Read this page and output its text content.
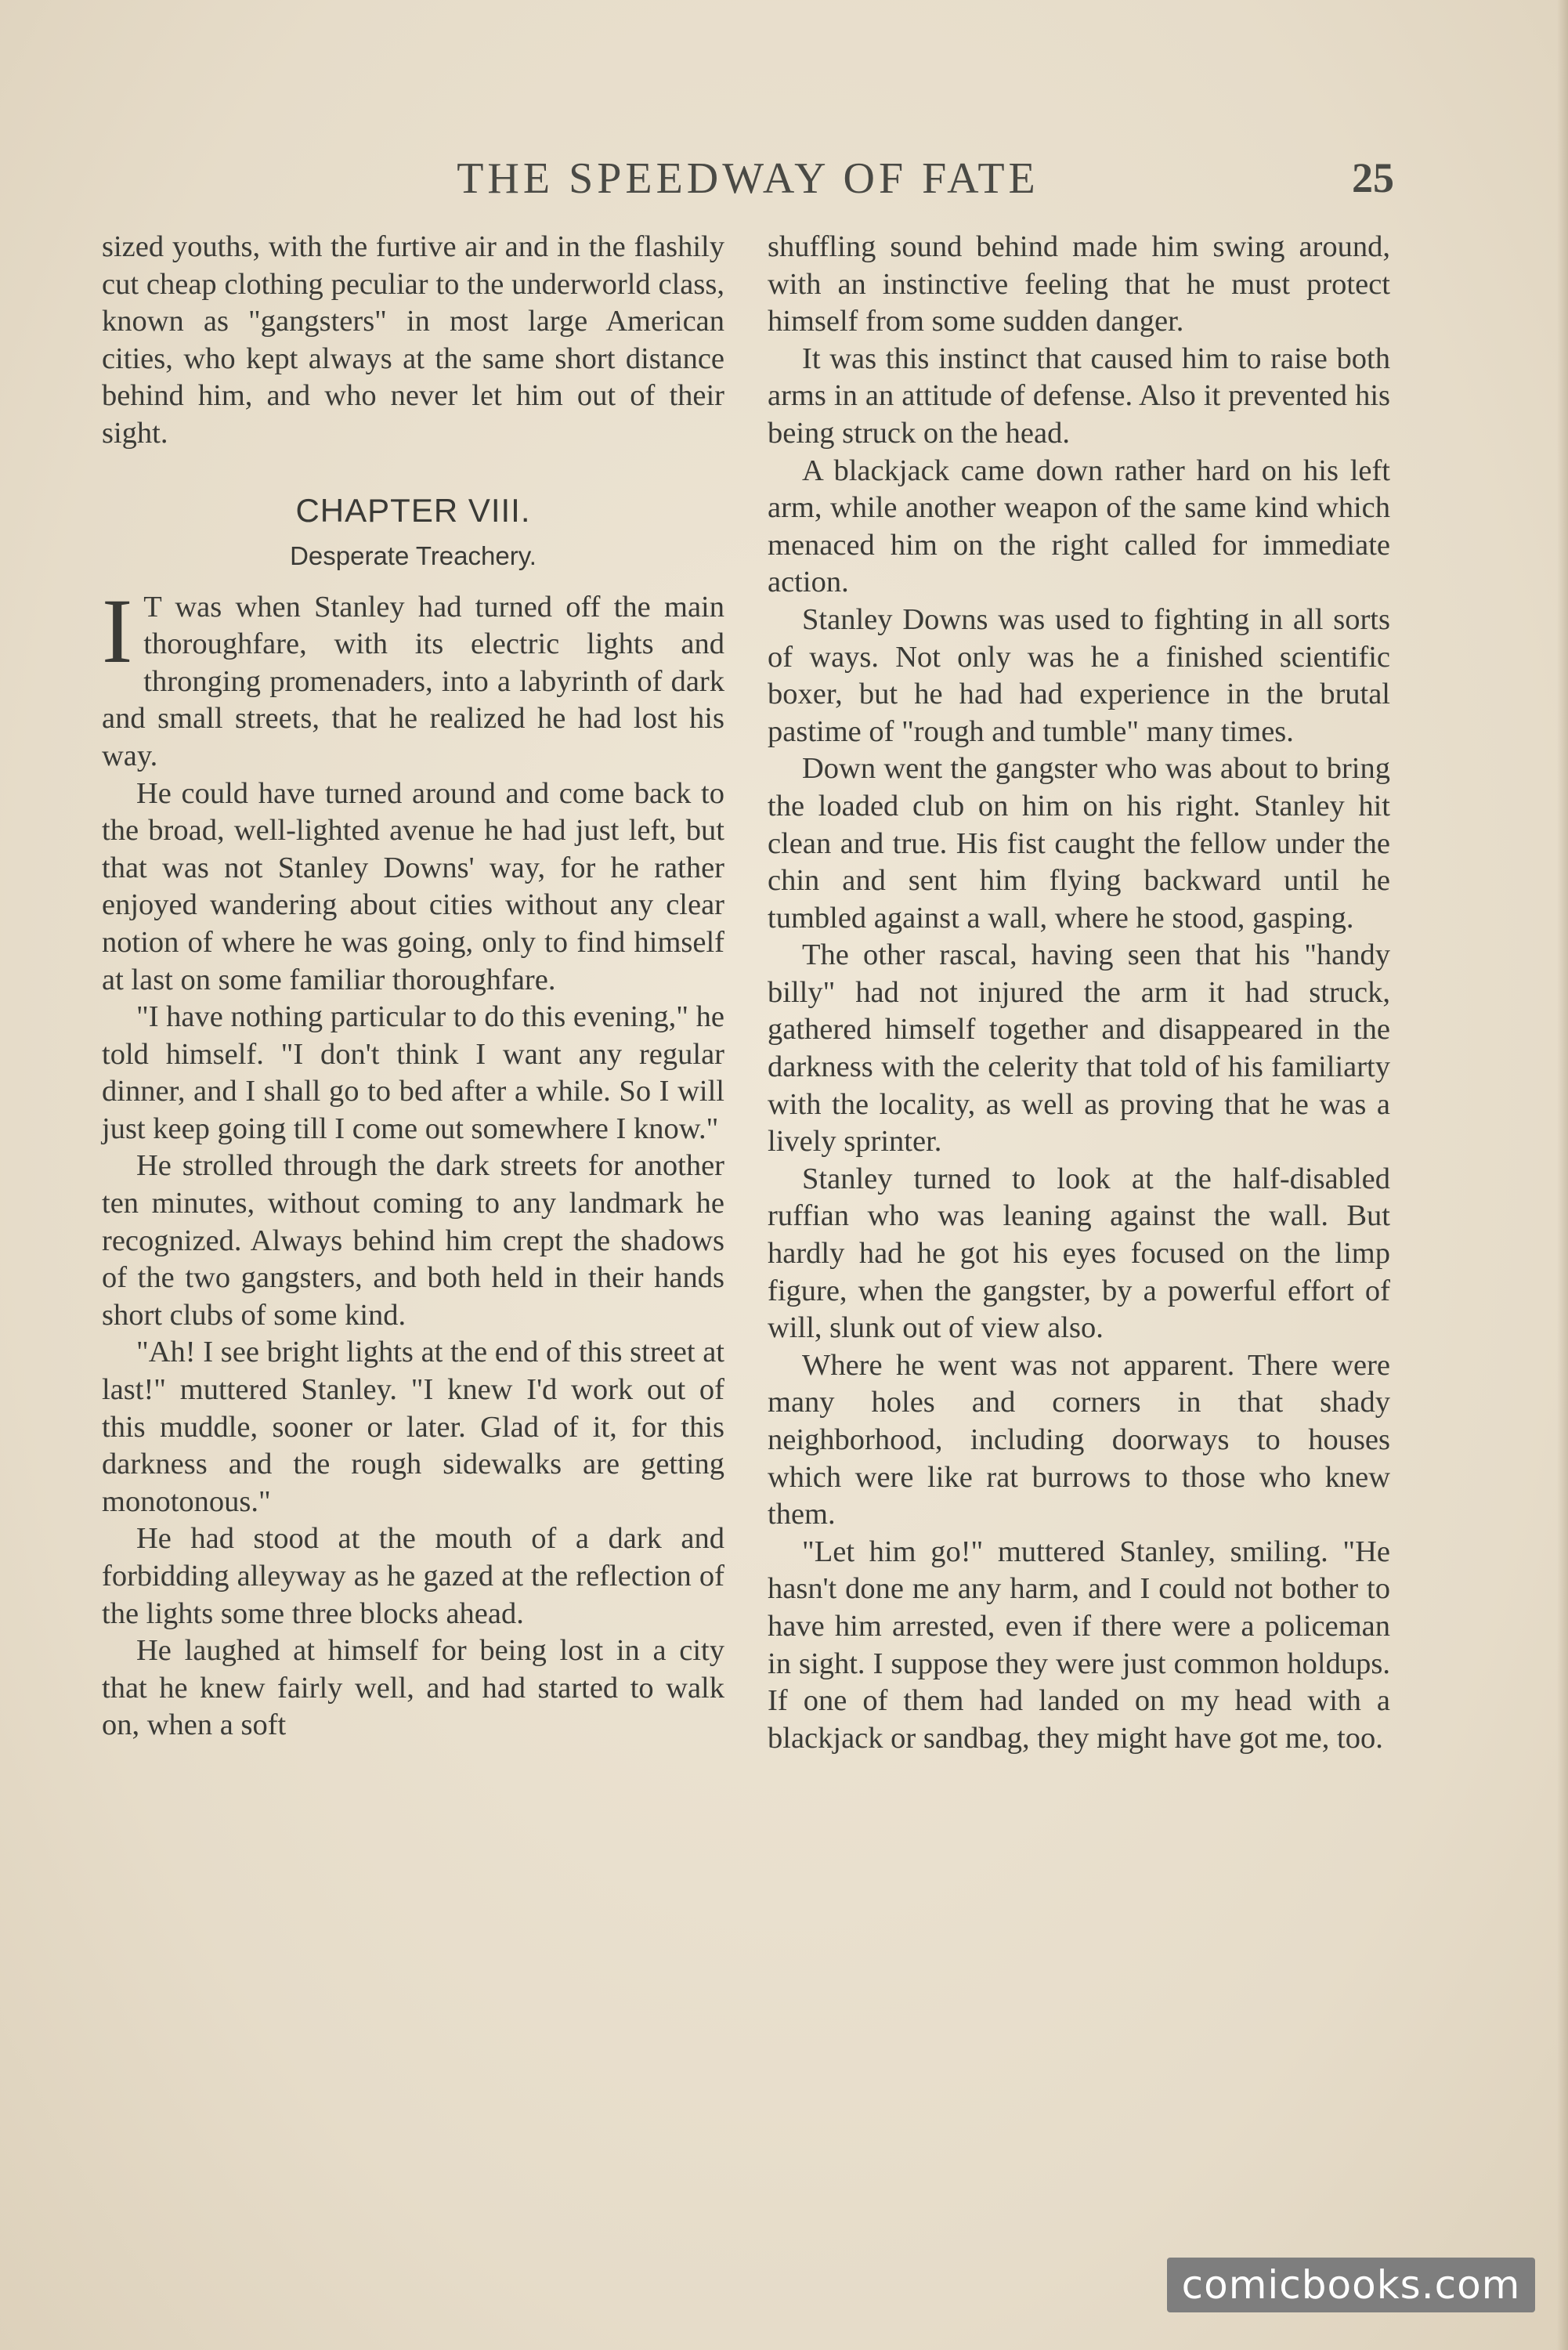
THE SPEEDWAY OF FATE	25

sized youths, with the furtive air and in the flashily cut cheap clothing peculiar to the underworld class, known as "gangsters" in most large American cities, who kept always at the same short distance behind him, and who never let him out of their sight.

CHAPTER VIII.
Desperate Treachery.

I T was when Stanley had turned off the main thoroughfare, with its electric lights and thronging promenaders, into a labyrinth of dark and small streets, that he realized he had lost his way.

He could have turned around and come back to the broad, well-lighted avenue he had just left, but that was not Stanley Downs' way, for he rather enjoyed wandering about cities without any clear notion of where he was going, only to find himself at last on some familiar thoroughfare.

"I have nothing particular to do this evening," he told himself. "I don't think I want any regular dinner, and I shall go to bed after a while. So I will just keep going till I come out somewhere I know."

He strolled through the dark streets for another ten minutes, without coming to any landmark he recognized. Always behind him crept the shadows of the two gangsters, and both held in their hands short clubs of some kind.

"Ah! I see bright lights at the end of this street at last!" muttered Stanley. "I knew I'd work out of this muddle, sooner or later. Glad of it, for this darkness and the rough sidewalks are getting monotonous."

He had stood at the mouth of a dark and forbidding alleyway as he gazed at the reflection of the lights some three blocks ahead.

He laughed at himself for being lost in a city that he knew fairly well, and had started to walk on, when a soft

shuffling sound behind made him swing around, with an instinctive feeling that he must protect himself from some sudden danger.

It was this instinct that caused him to raise both arms in an attitude of defense. Also it prevented his being struck on the head.

A blackjack came down rather hard on his left arm, while another weapon of the same kind which menaced him on the right called for immediate action.

Stanley Downs was used to fighting in all sorts of ways. Not only was he a finished scientific boxer, but he had had experience in the brutal pastime of "rough and tumble" many times.

Down went the gangster who was about to bring the loaded club on him on his right. Stanley hit clean and true. His fist caught the fellow under the chin and sent him flying backward until he tumbled against a wall, where he stood, gasping.

The other rascal, having seen that his "handy billy" had not injured the arm it had struck, gathered himself together and disappeared in the darkness with the celerity that told of his familiarty with the locality, as well as proving that he was a lively sprinter.

Stanley turned to look at the half-disabled ruffian who was leaning against the wall. But hardly had he got his eyes focused on the limp figure, when the gangster, by a powerful effort of will, slunk out of view also.

Where he went was not apparent. There were many holes and corners in that shady neighborhood, including doorways to houses which were like rat burrows to those who knew them.

"Let him go!" muttered Stanley, smiling. "He hasn't done me any harm, and I could not bother to have him arrested, even if there were a policeman in sight. I suppose they were just common holdups. If one of them had landed on my head with a blackjack or sandbag, they might have got me, too.

comicbooks.com
